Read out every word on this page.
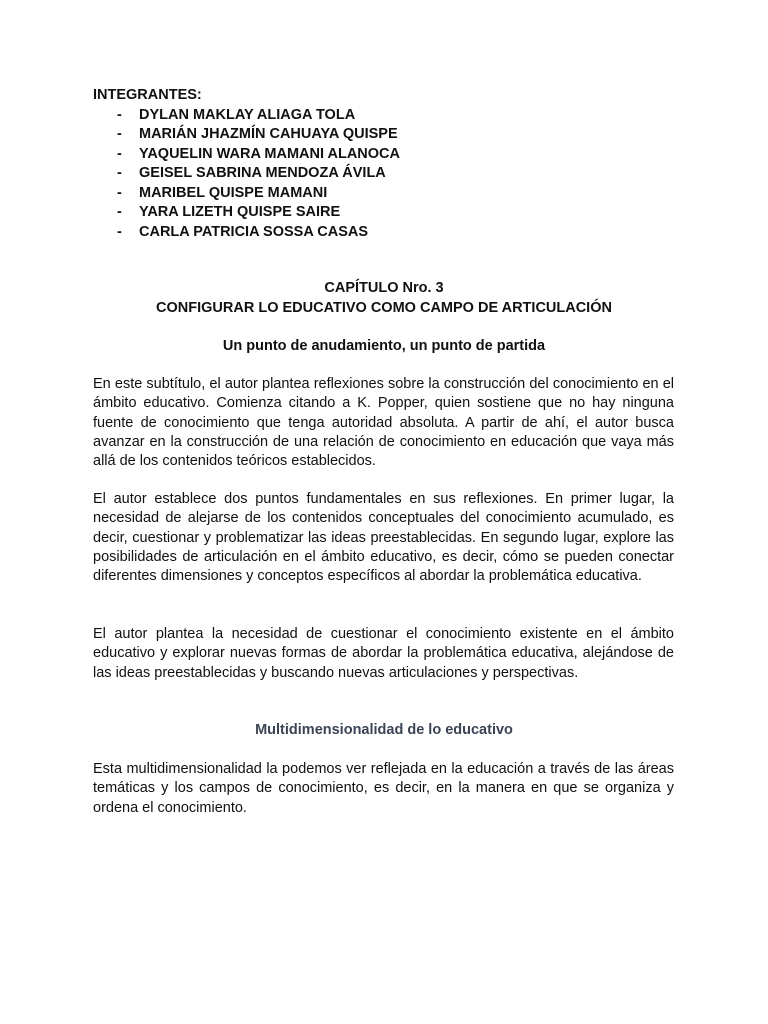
INTEGRANTES:

- DYLAN MAKLAY ALIAGA TOLA
- MARIÁN JHAZMÍN CAHUAYA QUISPE
- YAQUELIN WARA MAMANI ALANOCA
- GEISEL SABRINA MENDOZA ÁVILA
- MARIBEL QUISPE MAMANI
- YARA LIZETH QUISPE SAIRE
- CARLA PATRICIA SOSSA CASAS
CAPÍTULO Nro. 3
CONFIGURAR LO EDUCATIVO COMO CAMPO DE ARTICULACIÓN
Un punto de anudamiento, un punto de partida

En este subtítulo, el autor plantea reflexiones sobre la construcción del conocimiento en el ámbito educativo. Comienza citando a K. Popper, quien sostiene que no hay ninguna fuente de conocimiento que tenga autoridad absoluta. A partir de ahí, el autor busca avanzar en la construcción de una relación de conocimiento en educación que vaya más allá de los contenidos teóricos establecidos.

El autor establece dos puntos fundamentales en sus reflexiones. En primer lugar, la necesidad de alejarse de los contenidos conceptuales del conocimiento acumulado, es decir, cuestionar y problematizar las ideas preestablecidas. En segundo lugar, explore las posibilidades de articulación en el ámbito educativo, es decir, cómo se pueden conectar diferentes dimensiones y conceptos específicos al abordar la problemática educativa.

El autor plantea la necesidad de cuestionar el conocimiento existente en el ámbito educativo y explorar nuevas formas de abordar la problemática educativa, alejándose de las ideas preestablecidas y buscando nuevas articulaciones y perspectivas.

Multidimensionalidad de lo educativo

Esta multidimensionalidad la podemos ver reflejada en la educación a través de las áreas temáticas y los campos de conocimiento, es decir, en la manera en que se organiza y ordena el conocimiento.
